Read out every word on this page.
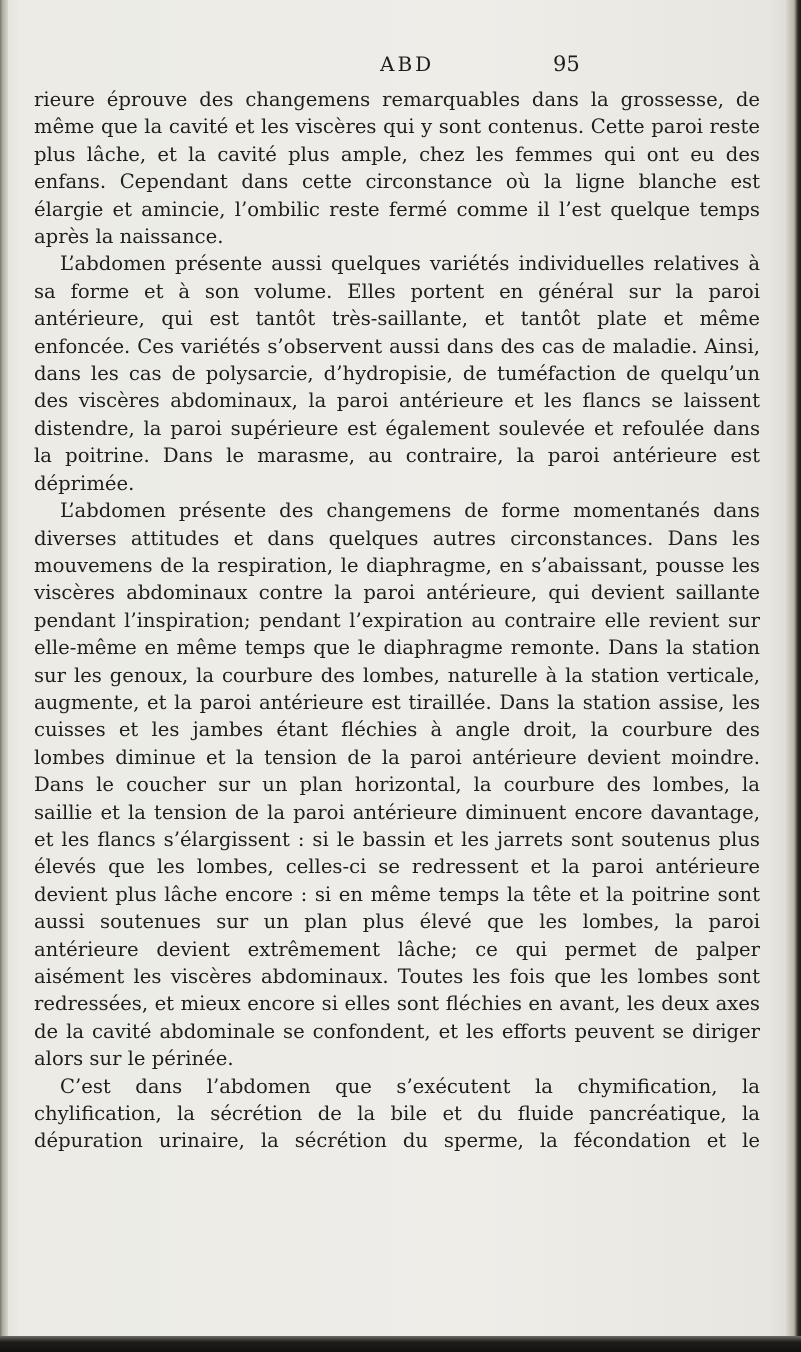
ABD	95

rieure éprouve des changemens remarquables dans la grossesse, de même que la cavité et les viscères qui y sont contenus. Cette paroi reste plus lâche, et la cavité plus ample, chez les femmes qui ont eu des enfans. Cependant dans cette circonstance où la ligne blanche est élargie et amincie, l’ombilic reste fermé comme il l’est quelque temps après la naissance.

L’abdomen présente aussi quelques variétés individuelles relatives à sa forme et à son volume. Elles portent en général sur la paroi antérieure, qui est tantôt très-saillante, et tantôt plate et même enfoncée. Ces variétés s’observent aussi dans des cas de maladie. Ainsi, dans les cas de polysarcie, d’hydropisie, de tuméfaction de quelqu’un des viscères abdominaux, la paroi antérieure et les flancs se laissent distendre, la paroi supérieure est également soulevée et refoulée dans la poitrine. Dans le marasme, au contraire, la paroi antérieure est déprimée.

L’abdomen présente des changemens de forme momentanés dans diverses attitudes et dans quelques autres circonstances. Dans les mouvemens de la respiration, le diaphragme, en s’abaissant, pousse les viscères abdominaux contre la paroi antérieure, qui devient saillante pendant l’inspiration; pendant l’expiration au contraire elle revient sur elle-même en même temps que le diaphragme remonte. Dans la station sur les genoux, la courbure des lombes, naturelle à la station verticale, augmente, et la paroi antérieure est tiraillée. Dans la station assise, les cuisses et les jambes étant fléchies à angle droit, la courbure des lombes diminue et la tension de la paroi antérieure devient moindre. Dans le coucher sur un plan horizontal, la courbure des lombes, la saillie et la tension de la paroi antérieure diminuent encore davantage, et les flancs s’élargissent : si le bassin et les jarrets sont soutenus plus élevés que les lombes, celles-ci se redressent et la paroi antérieure devient plus lâche encore : si en même temps la tête et la poitrine sont aussi soutenues sur un plan plus élevé que les lombes, la paroi antérieure devient extrêmement lâche; ce qui permet de palper aisément les viscères abdominaux. Toutes les fois que les lombes sont redressées, et mieux encore si elles sont fléchies en avant, les deux axes de la cavité abdominale se confondent, et les efforts peuvent se diriger alors sur le périnée.

C’est dans l’abdomen que s’exécutent la chymification, la chylification, la sécrétion de la bile et du fluide pancréatique, la dépuration urinaire, la sécrétion du sperme, la fécondation et le
